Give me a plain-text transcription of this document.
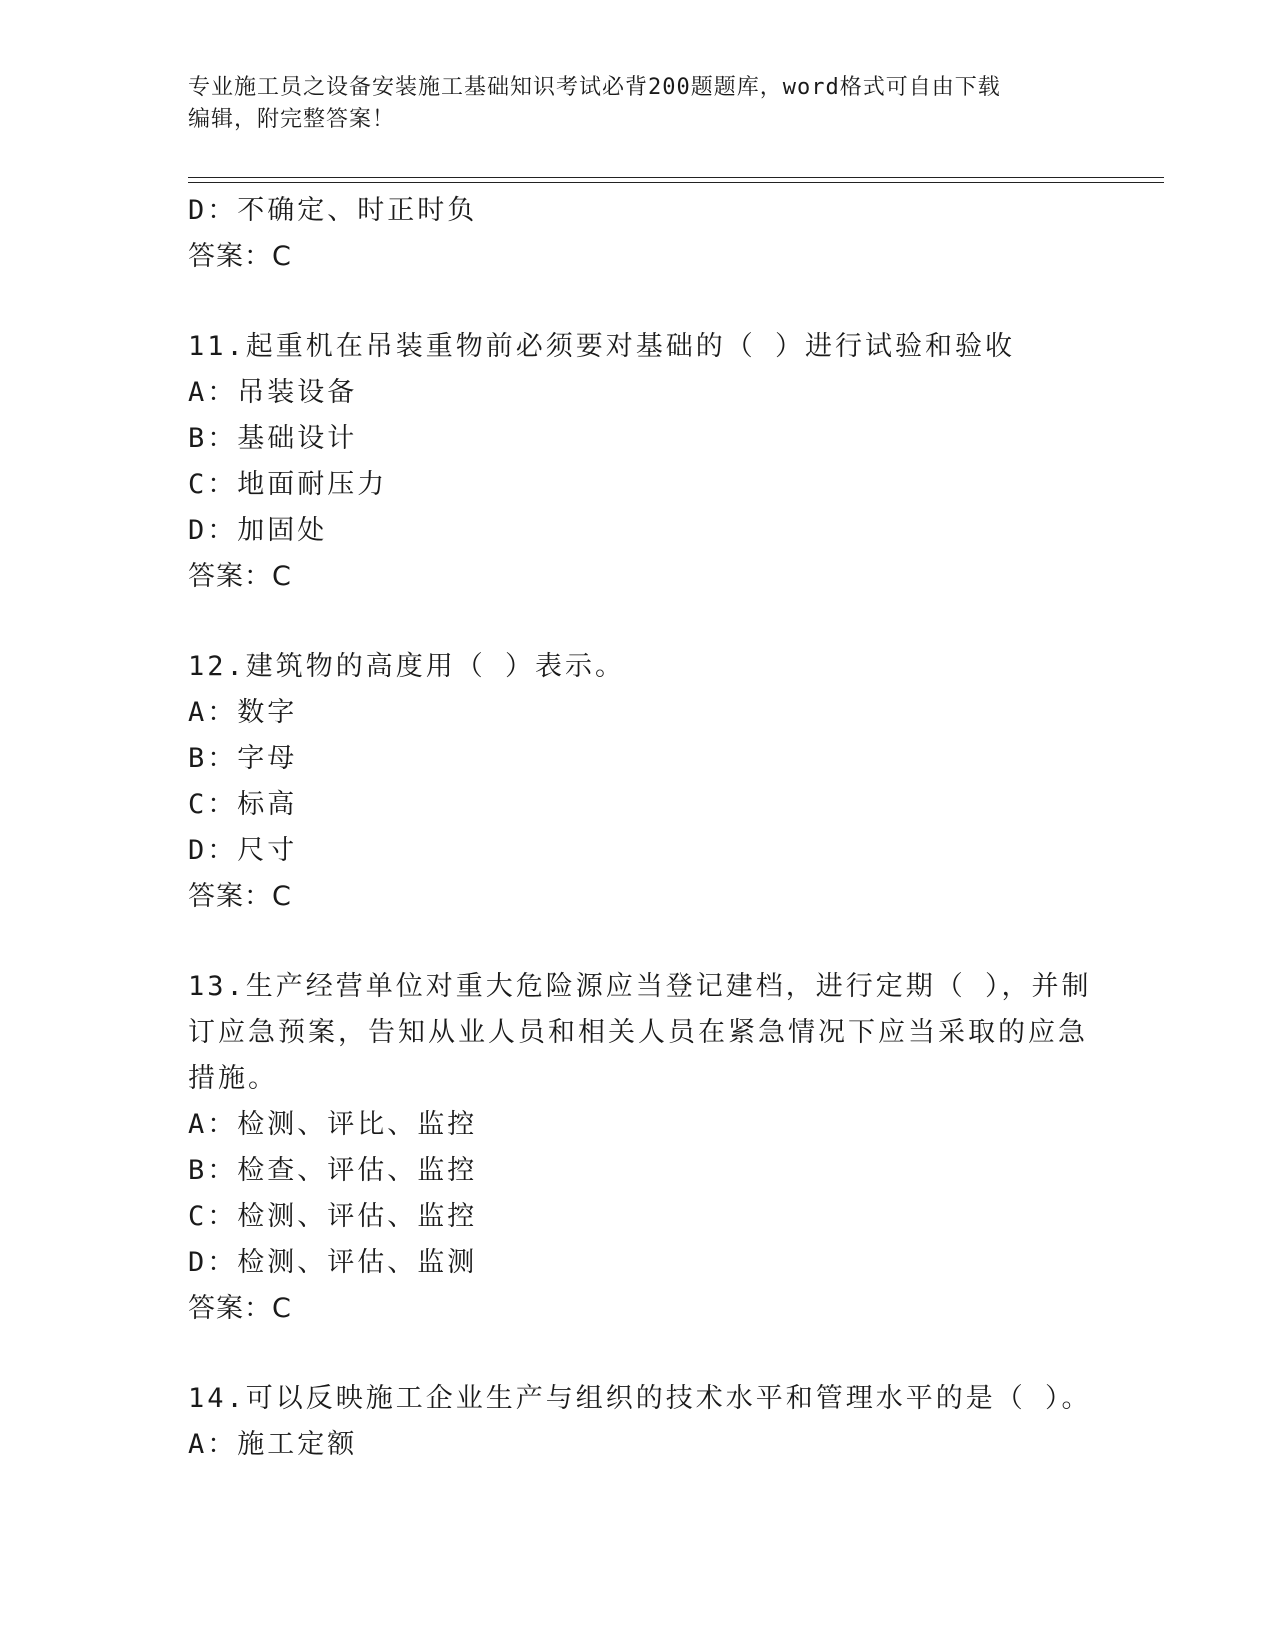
专业施工员之设备安装施工基础知识考试必背200题题库，word格式可自由下载
编辑，附完整答案！
D：不确定、时正时负
答案：C
11.起重机在吊装重物前必须要对基础的（ ）进行试验和验收
A：吊装设备
B：基础设计
C：地面耐压力
D：加固处
答案：C
12.建筑物的高度用（ ）表示。
A：数字
B：字母
C：标高
D：尺寸
答案：C
13.生产经营单位对重大危险源应当登记建档，进行定期（ ），并制
订应急预案，告知从业人员和相关人员在紧急情况下应当采取的应急
措施。
A：检测、评比、监控
B：检查、评估、监控
C：检测、评估、监控
D：检测、评估、监测
答案：C
14.可以反映施工企业生产与组织的技术水平和管理水平的是（ ）。
A：施工定额
